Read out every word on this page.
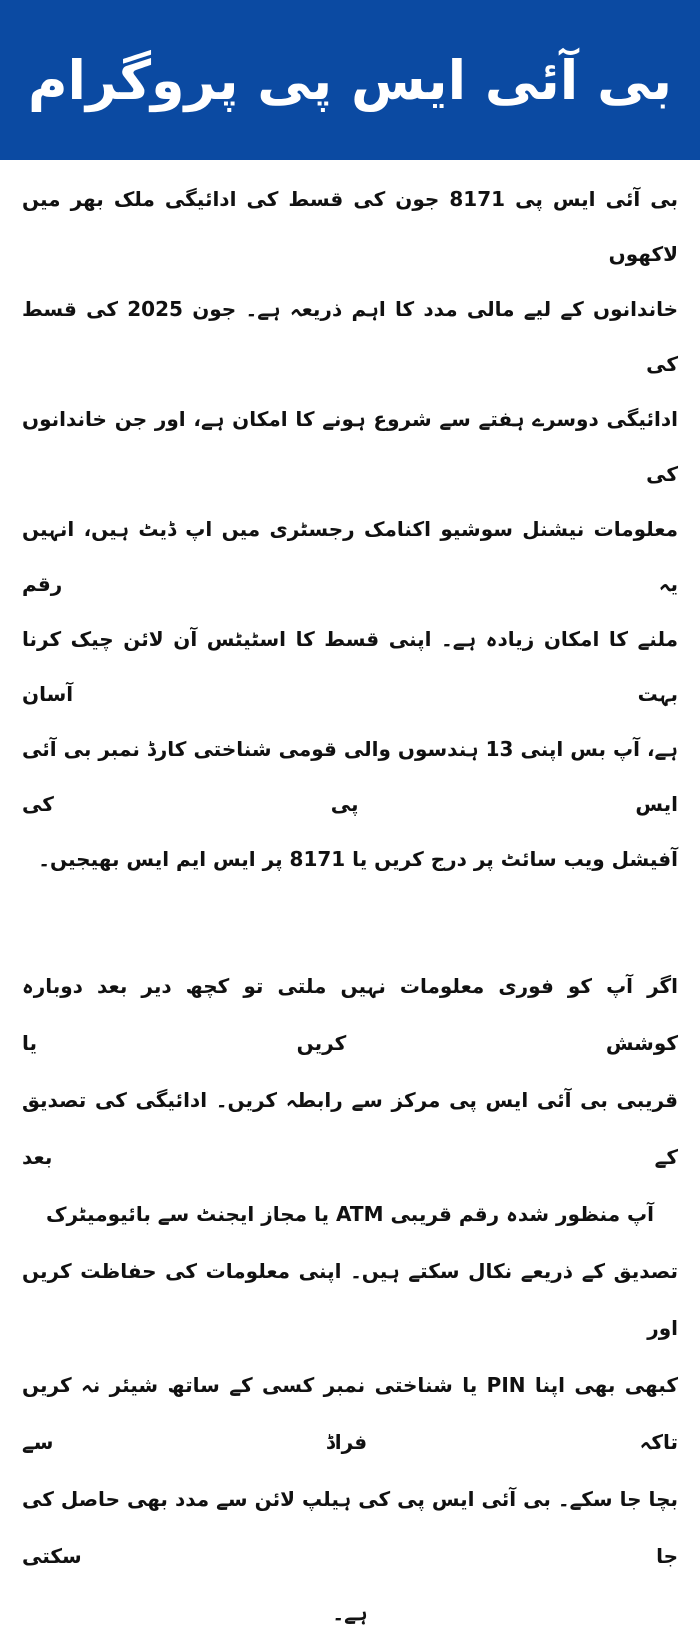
بی آئی ایس پی پروگرام
بی آئی ایس پی 8171 جون کی قسط کی ادائیگی ملک بھر میں لاکھوں
خاندانوں کے لیے مالی مدد کا اہم ذریعہ ہے۔ جون 2025 کی قسط کی
ادائیگی دوسرے ہفتے سے شروع ہونے کا امکان ہے، اور جن خاندانوں کی
معلومات نیشنل سوشیو اکنامک رجسٹری میں اپ ڈیٹ ہیں، انہیں یہ رقم
ملنے کا امکان زیادہ ہے۔ اپنی قسط کا اسٹیٹس آن لائن چیک کرنا بہت آسان
ہے، آپ بس اپنی 13 ہندسوں والی قومی شناختی کارڈ نمبر بی آئی ایس پی کی
آفیشل ویب سائٹ پر درج کریں یا 8171 پر ایس ایم ایس بھیجیں۔
اگر آپ کو فوری معلومات نہیں ملتی تو کچھ دیر بعد دوبارہ کوشش کریں یا
قریبی بی آئی ایس پی مرکز سے رابطہ کریں۔ ادائیگی کی تصدیق کے بعد
آپ منظور شدہ رقم قریبی ATM یا مجاز ایجنٹ سے بائیومیٹرک
تصدیق کے ذریعے نکال سکتے ہیں۔ اپنی معلومات کی حفاظت کریں اور
کبھی بھی اپنا PIN یا شناختی نمبر کسی کے ساتھ شیئر نہ کریں تاکہ فراڈ سے
بچا جا سکے۔ بی آئی ایس پی کی ہیلپ لائن سے مدد بھی حاصل کی جا سکتی
ہے۔
